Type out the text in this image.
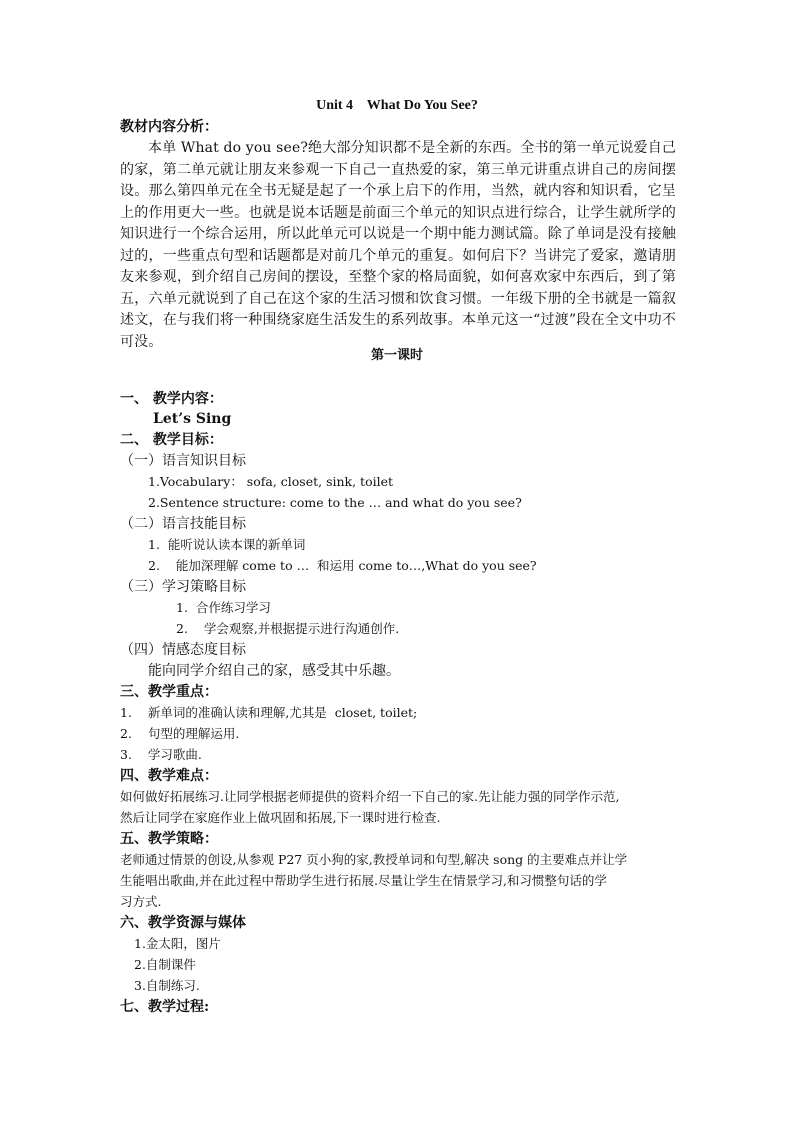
Unit 4    What Do You See?
教材内容分析：

本单 What do you see?绝大部分知识都不是全新的东西。全书的第一单元说爱自己的家，第二单元就让朋友来参观一下自己一直热爱的家，第三单元讲重点讲自己的房间摆设。那么第四单元在全书无疑是起了一个承上启下的作用，当然，就内容和知识看，它呈上的作用更大一些。也就是说本话题是前面三个单元的知识点进行综合，让学生就所学的知识进行一个综合运用，所以此单元可以说是一个期中能力测试篇。除了单词是没有接触过的，一些重点句型和话题都是对前几个单元的重复。如何启下？当讲完了爱家，邀请朋友来参观，到介绍自己房间的摆设，至整个家的格局面貌，如何喜欢家中东西后，到了第五，六单元就说到了自己在这个家的生活习惯和饮食习惯。一年级下册的全书就是一篇叙述文，在与我们将一种围绕家庭生活发生的系列故事。本单元这一“过渡”段在全文中功不可没。

第一课时
一、 教学内容：
Let’s Sing
二、 教学目标：
（一）语言知识目标
1.Vocabulary： sofa, closet, sink, toilet
2.Sentence structure: come to the … and what do you see?
（二）语言技能目标
1.  能听说认读本课的新单词
2.    能加深理解 come to …  和运用 come to…,What do you see?
（三）学习策略目标
1.  合作练习学习
2.    学会观察,并根据提示进行沟通创作.
（四）情感态度目标
能向同学介绍自己的家，感受其中乐趣。
三、教学重点：
1.    新单词的准确认读和理解,尤其是  closet, toilet;
2.    句型的理解运用.
3.    学习歌曲.
四、教学难点：
如何做好拓展练习.让同学根据老师提供的资料介绍一下自己的家.先让能力强的同学作示范,
然后让同学在家庭作业上做巩固和拓展,下一课时进行检查.
五、教学策略：
老师通过情景的创设,从参观 P27 页小狗的家,教授单词和句型,解决 song 的主要难点并让学
生能唱出歌曲,并在此过程中帮助学生进行拓展.尽量让学生在情景学习,和习惯整句话的学
习方式.
六、教学资源与媒体
1.金太阳，图片
2.自制课件
3.自制练习.
七、教学过程:
